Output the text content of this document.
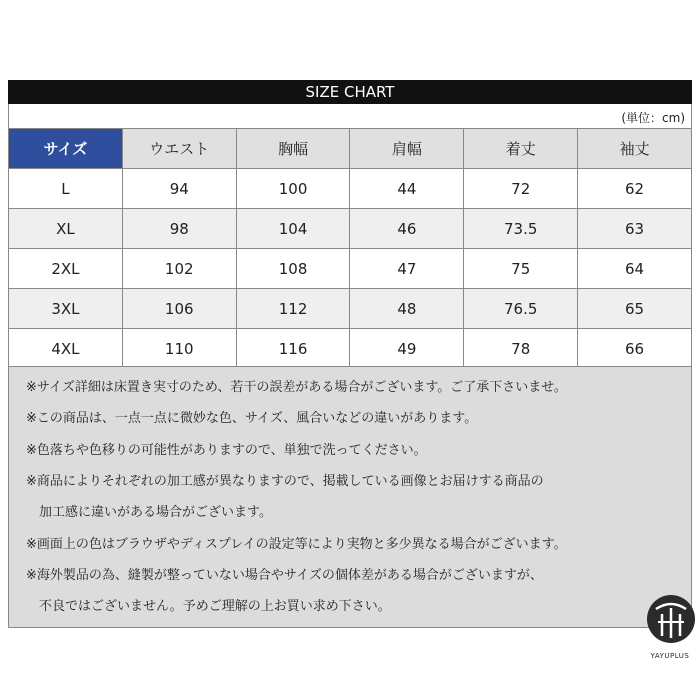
SIZE CHART
(単位：cm)
サイズ	ウエスト	胸幅	肩幅	着丈	袖丈
L	94	100	44	72	62
XL	98	104	46	73.5	63
2XL	102	108	47	75	64
3XL	106	112	48	76.5	65
4XL	110	116	49	78	66
※サイズ詳細は床置き実寸のため、若干の誤差がある場合がございます。ご了承下さいませ。
※この商品は、一点一点に微妙な色、サイズ、風合いなどの違いがあります。
※色落ちや色移りの可能性がありますので、単独で洗ってください。
※商品によりそれぞれの加工感が異なりますので、掲載している画像とお届けする商品の
加工感に違いがある場合がございます。
※画面上の色はブラウザやディスプレイの設定等により実物と多少異なる場合がございます。
※海外製品の為、縫製が整っていない場合やサイズの個体差がある場合がございますが、
不良ではございません。予めご理解の上お買い求め下さい。
YAYUPLUS
